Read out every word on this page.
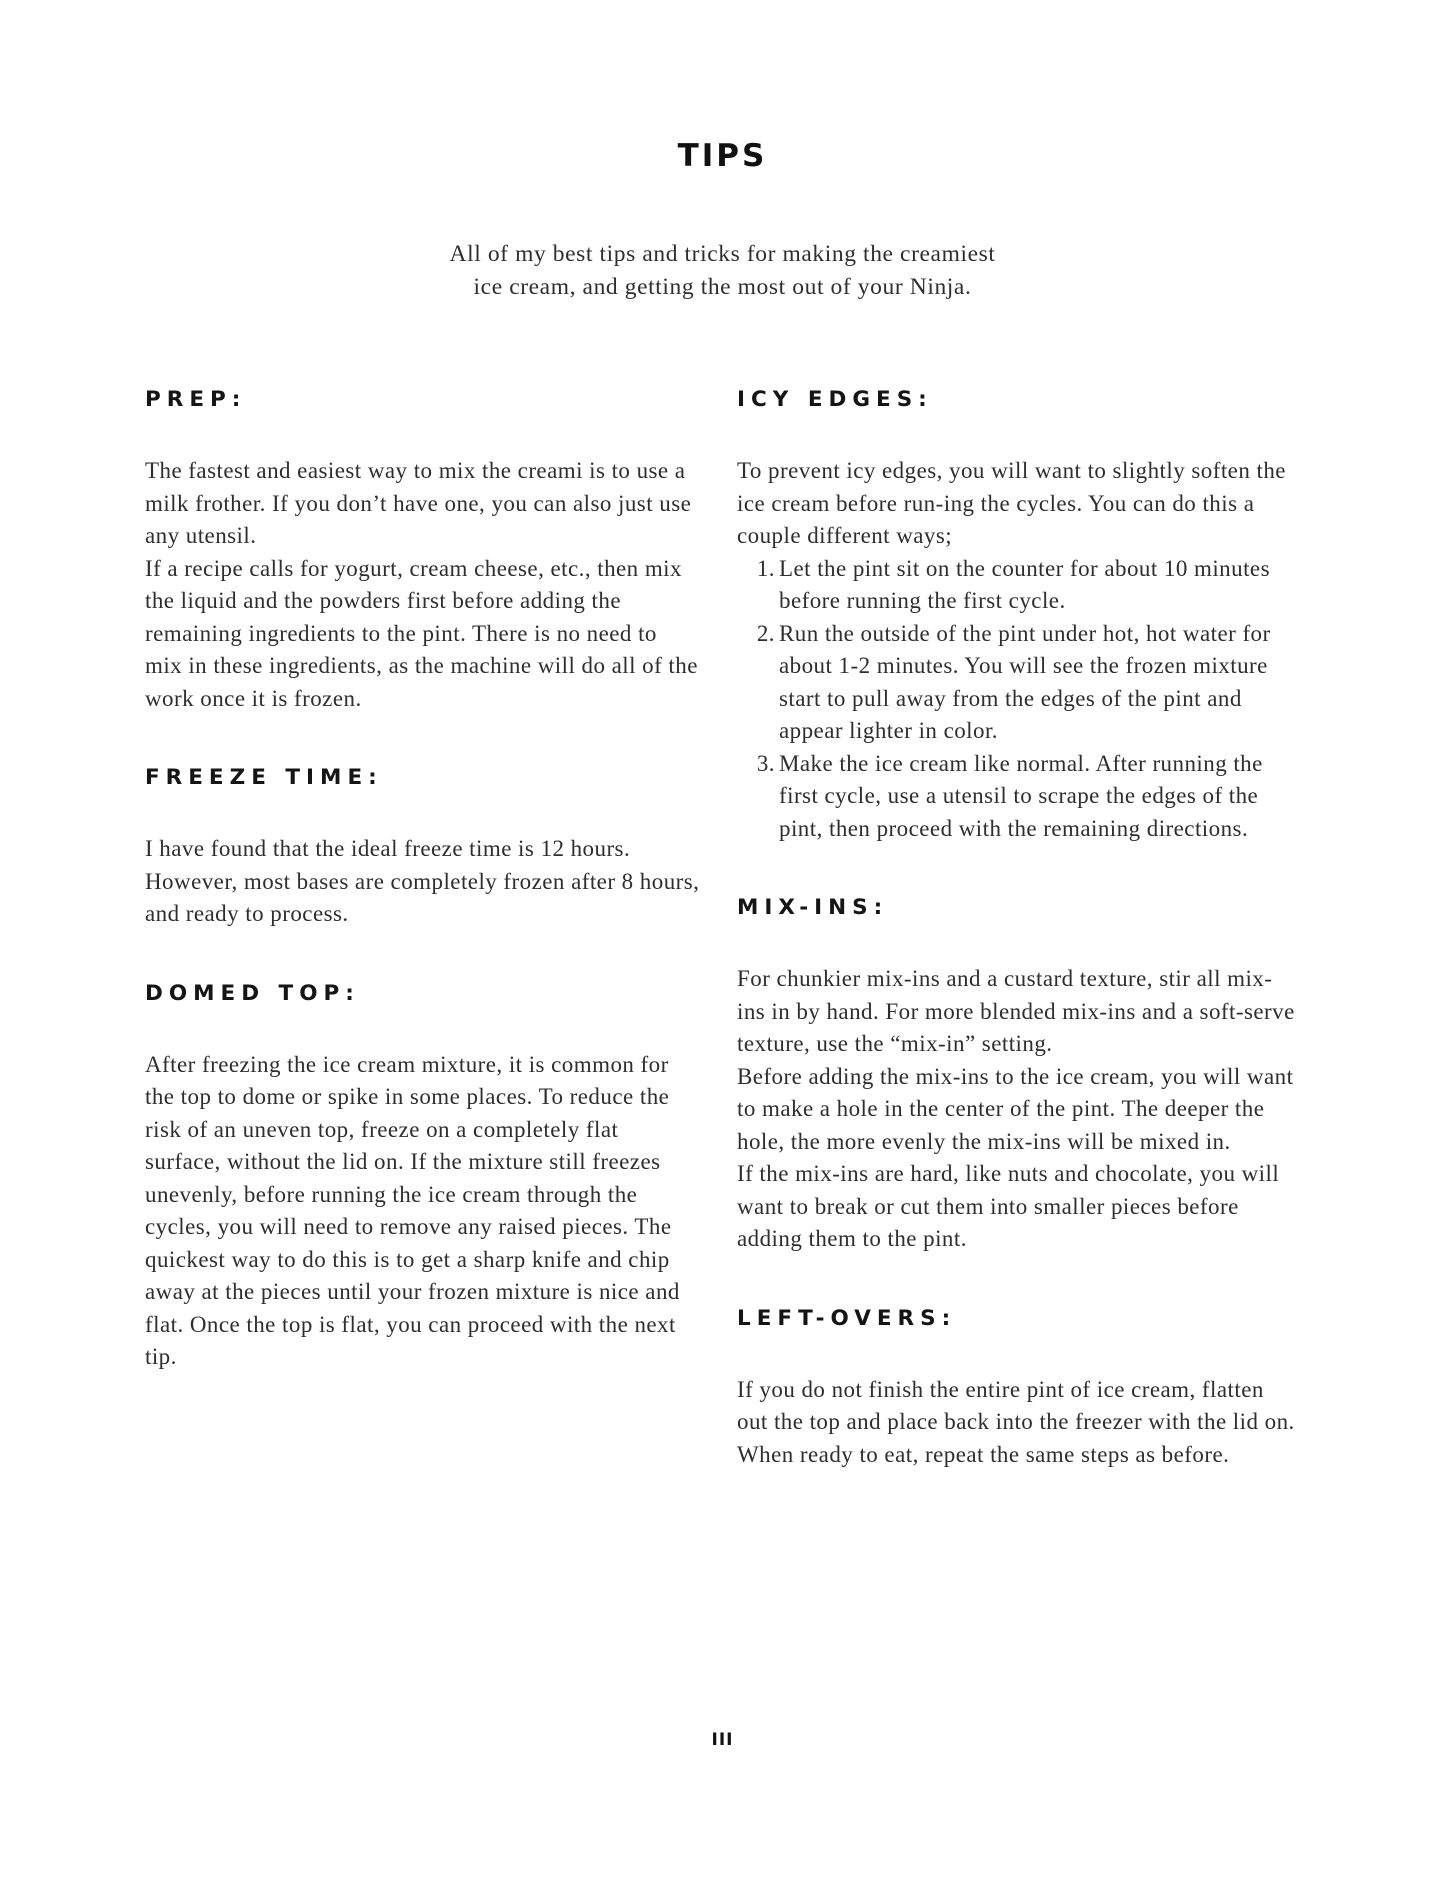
TIPS
All of my best tips and tricks for making the creamiest
ice cream, and getting the most out of your Ninja.
PREP:

The fastest and easiest way to mix the creami is to use a milk frother. If you don’t have one, you can also just use any utensil.

If a recipe calls for yogurt, cream cheese, etc., then mix the liquid and the powders first before adding the remaining ingredients to the pint. There is no need to mix in these ingredients, as the machine will do all of the work once it is frozen.

FREEZE TIME:

I have found that the ideal freeze time is 12 hours. However, most bases are completely frozen after 8 hours, and ready to process.

DOMED TOP:

After freezing the ice cream mixture, it is common for the top to dome or spike in some places. To reduce the risk of an uneven top, freeze on a completely flat surface, without the lid on. If the mixture still freezes unevenly, before running the ice cream through the cycles, you will need to remove any raised pieces. The quickest way to do this is to get a sharp knife and chip away at the pieces until your frozen mixture is nice and flat. Once the top is flat, you can proceed with the next tip.

ICY EDGES:

To prevent icy edges, you will want to slightly soften the ice cream before run-ing the cycles. You can do this a couple different ways;

1. Let the pint sit on the counter for about 10 minutes before running the first cycle.
2. Run the outside of the pint under hot, hot water for about 1-2 minutes. You will see the frozen mixture start to pull away from the edges of the pint and appear lighter in color.
3. Make the ice cream like normal. After running the first cycle, use a utensil to scrape the edges of the pint, then proceed with the remaining directions.
MIX-INS:

For chunkier mix-ins and a custard texture, stir all mix-ins in by hand. For more blended mix-ins and a soft-serve texture, use the “mix-in” setting.

Before adding the mix-ins to the ice cream, you will want to make a hole in the center of the pint. The deeper the hole, the more evenly the mix-ins will be mixed in.

If the mix-ins are hard, like nuts and chocolate, you will want to break or cut them into smaller pieces before adding them to the pint.

LEFT-OVERS:

If you do not finish the entire pint of ice cream, flatten out the top and place back into the freezer with the lid on. When ready to eat, repeat the same steps as before.

III
